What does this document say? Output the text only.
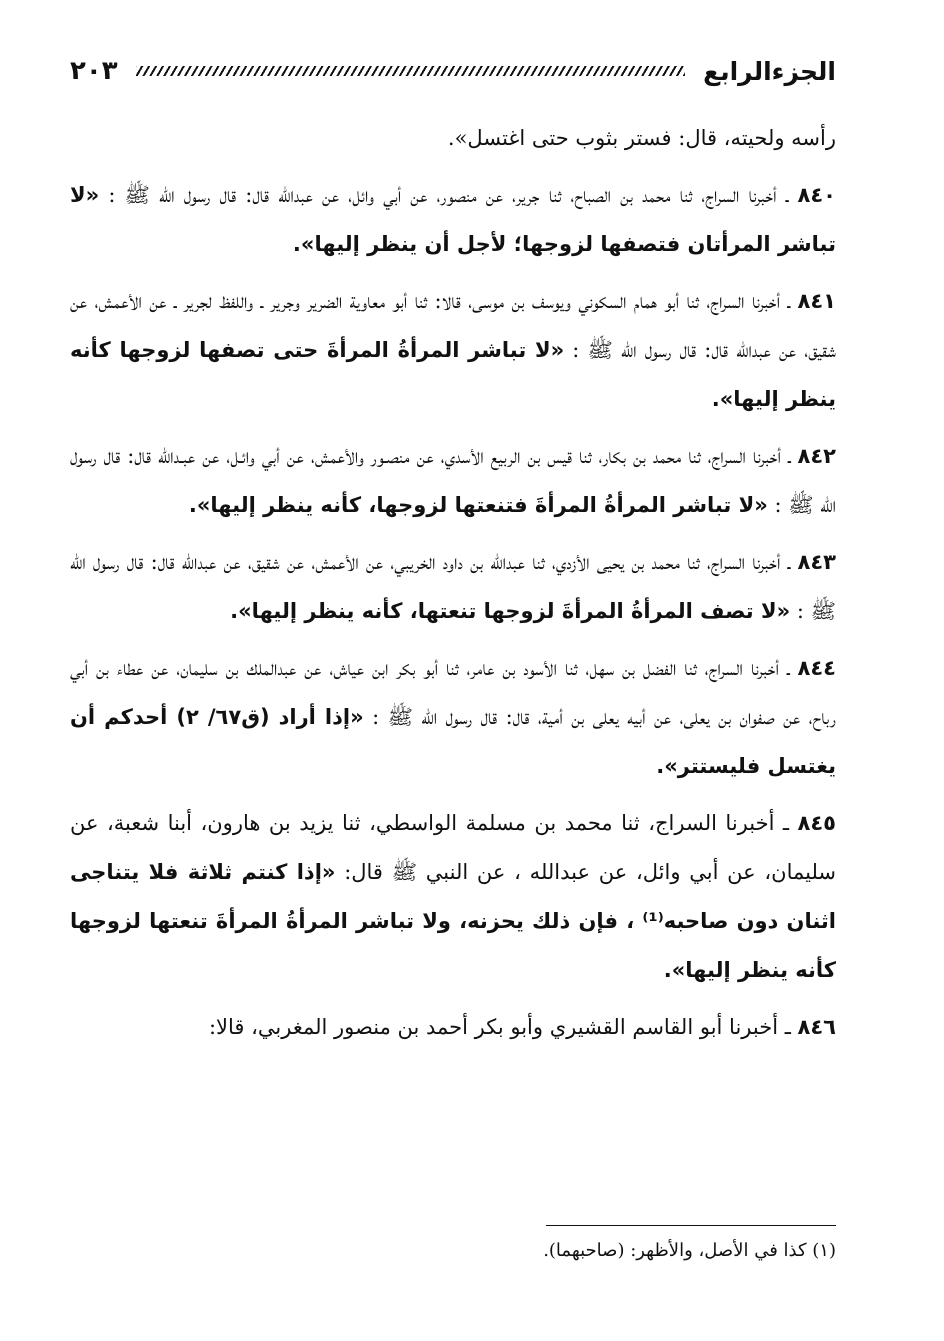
الجزءالرابع
٢٠٣

رأسه ولحيته، قال: فستر بثوب حتى اغتسل».

٨٤٠ ـ أخبرنا السراج، ثنا محمد بن الصباح، ثنا جرير، عن منصور، عن أبي وائل، عن عبدالله قال: قال رسول الله ﷺ : «لا تباشر المرأتان فتصفها لزوجها؛ لأجل أن ينظر إليها».

٨٤١ ـ أخبرنا السراج، ثنا أبو همام السكوني ويوسف بن موسى، قالا: ثنا أبو معاوية الضرير وجرير ـ واللفظ لجرير ـ عن الأعمش، عن شقيق، عن عبدالله قال: قال رسول الله ﷺ : «لا تباشر المرأةُ المرأةَ حتى تصفها لزوجها كأنه ينظر إليها».

٨٤٢ ـ أخبرنا السراج، ثنا محمد بن بكار، ثنا قيس بن الربيع الأسدي، عن منصـور والأعمش، عن أبي وائـل، عن عبـدالله قال: قال رسول الله ﷺ : «لا تباشر المرأةُ المرأةَ فتنعتها لزوجها، كأنه ينظر إليها».

٨٤٣ ـ أخبرنا السراج، ثنا محمد بن يحيى الأزدي، ثنا عبدالله بن داود الخريبي، عن الأعمش، عن شقيق، عن عبدالله قال: قال رسول الله ﷺ : «لا تصف المرأةُ المرأةَ لزوجها تنعتها، كأنه ينظر إليها».

٨٤٤ ـ أخبرنا السراج، ثنا الفضل بن سهل، ثنا الأسود بن عامر، ثنا أبو بكر ابن عياش، عن عبدالملك بن سليمان، عن عطاء بن أبي رباح، عن صفوان بن يعلى، عن أبيه يعلى بن أمية، قال: قال رسول الله ﷺ : «إذا أراد (ق٦٧/ ٢) أحدكم أن يغتسل فليستتر».

٨٤٥ ـ أخبرنا السراج، ثنا محمد بن مسلمة الواسطي، ثنا يزيد بن هارون، أبنا شعبة، عن سليمان، عن أبي وائل، عن عبدالله ، عن النبي ﷺ قال: «إذا كنتم ثلاثة فلا يتناجى اثنان دون صاحبه⁽¹⁾ ، فإن ذلك يحزنه، ولا تباشر المرأةُ المرأةَ تنعتها لزوجها كأنه ينظر إليها».

٨٤٦ ـ أخبرنا أبو القاسم القشيري وأبو بكر أحمد بن منصور المغربي، قالا:

(١) كذا في الأصل، والأظهر: (صاحبهما).
